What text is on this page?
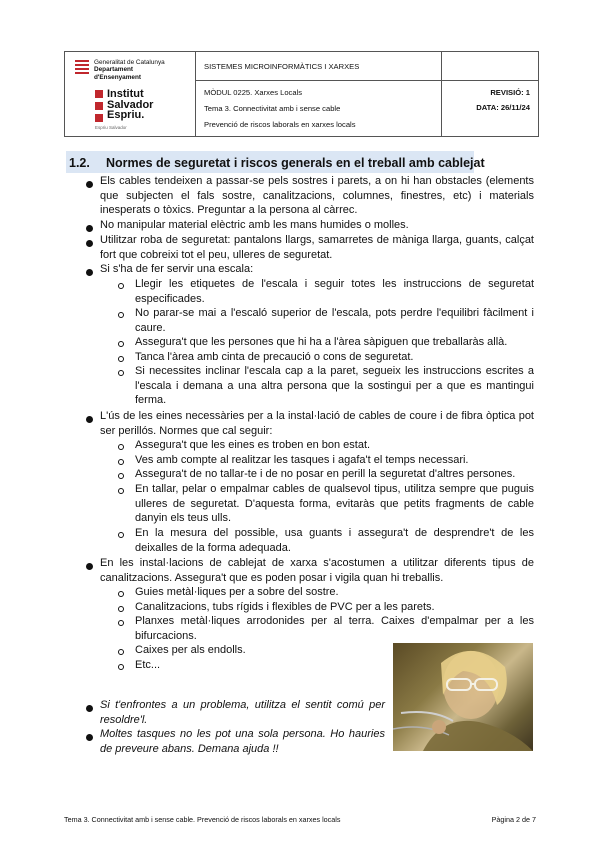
Generalitat de Catalunya
Departament
d'Ensenyament
Institut
Salvador
Espriu.
Espriu Salvador
SISTEMES MICROINFORMÀTICS I XARXES
MÒDUL 0225. Xarxes Locals
Tema 3. Connectivitat amb i sense cable
Prevenció de riscos laborals en xarxes locals
REVISIÓ: 1
DATA: 26/11/24
1.2. Normes de seguretat i riscos generals en el treball amb cablejat
Els cables tendeixen a passar-se pels sostres i parets, a on hi han obstacles (elements que subjecten el fals sostre, canalitzacions, columnes, finestres, etc) i materials inesperats o tòxics. Preguntar a la persona al càrrec.
No manipular material elèctric amb les mans humides o molles.
Utilitzar roba de seguretat: pantalons llargs, samarretes de màniga llarga, guants, calçat fort que cobreixi tot el peu, ulleres de seguretat.
Si s'ha de fer servir una escala:
Llegir les etiquetes de l'escala i seguir totes les instruccions de seguretat especificades.
No parar-se mai a l'escaló superior de l'escala, pots perdre l'equilibri fàcilment i caure.
Assegura't que les persones que hi ha a l'àrea sàpiguen que treballaràs allà.
Tanca l'àrea amb cinta de precaució o cons de seguretat.
Si necessites inclinar l'escala cap a la paret, segueix les instruccions escrites a l'escala i demana a una altra persona que la sostingui per a que es mantingui ferma.
L'ús de les eines necessàries per a la instal·lació de cables de coure i de fibra òptica pot ser perillós. Normes que cal seguir:
Assegura't que les eines es troben en bon estat.
Ves amb compte al realitzar les tasques i agafa't el temps necessari.
Assegura't de no tallar-te i de no posar en perill la seguretat d'altres persones.
En tallar, pelar o empalmar cables de qualsevol tipus, utilitza sempre que puguis ulleres de seguretat. D'aquesta forma, evitaràs que petits fragments de cable danyin els teus ulls.
En la mesura del possible, usa guants i assegura't de desprendre't de les deixalles de la forma adequada.
En les instal·lacions de cablejat de xarxa s'acostumen a utilitzar diferents tipus de canalitzacions. Assegura't que es poden posar i vigila quan hi treballis.
Guies metàl·liques per a sobre del sostre.
Canalitzacions, tubs rígids i flexibles de PVC per a les parets.
Planxes metàl·liques arrodonides per al terra. Caixes d'empalmar per a les bifurcacions.
Caixes per als endolls.
Etc...
Si t'enfrontes a un problema, utilitza el sentit comú per resoldre'l.
Moltes tasques no les pot una sola persona. Ho hauries de preveure abans. Demana ajuda !!
Tema 3. Connectivitat amb i sense cable. Prevenció de riscos laborals en xarxes locals	Pàgina 2 de 7
